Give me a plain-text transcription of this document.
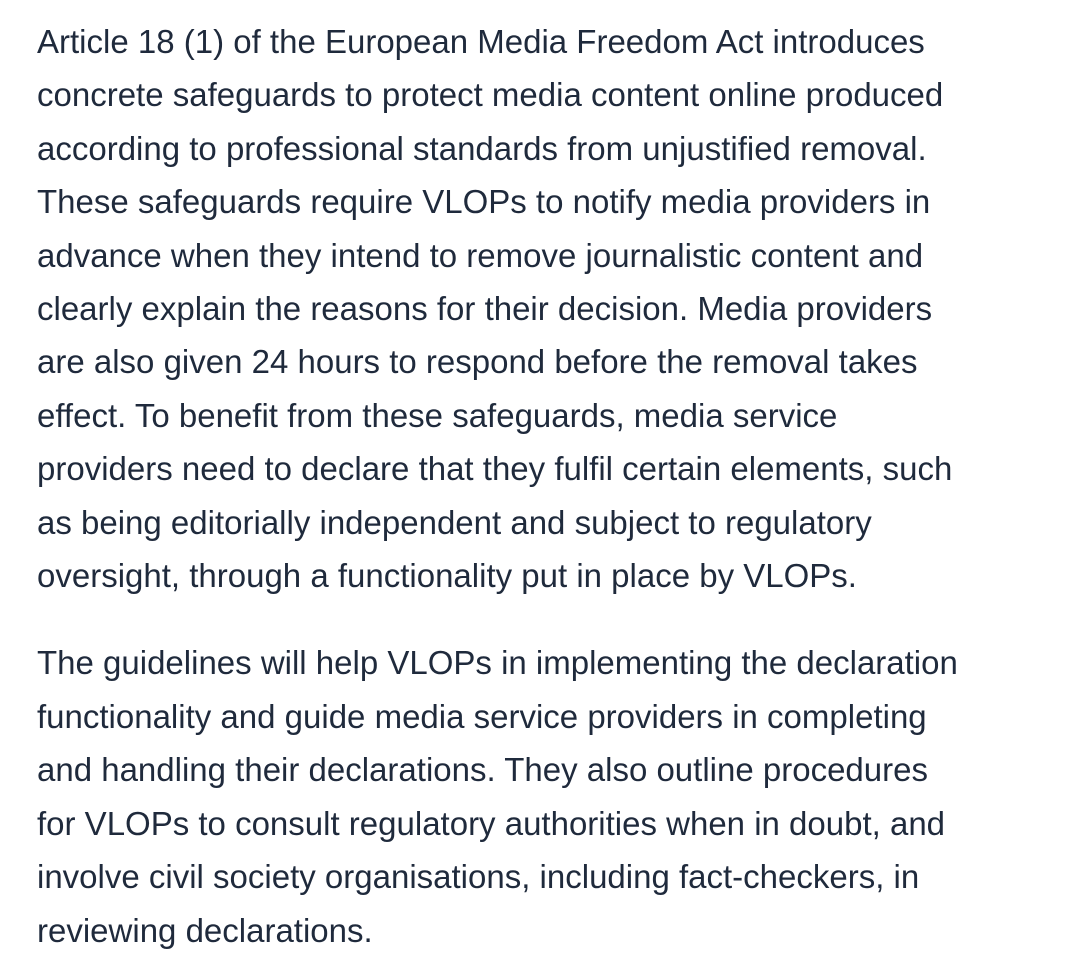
Article 18 (1) of the European Media Freedom Act introduces
concrete safeguards to protect media content online produced
according to professional standards from unjustified removal.
These safeguards require VLOPs to notify media providers in
advance when they intend to remove journalistic content and
clearly explain the reasons for their decision. Media providers
are also given 24 hours to respond before the removal takes
effect. To benefit from these safeguards, media service
providers need to declare that they fulfil certain elements, such
as being editorially independent and subject to regulatory
oversight, through a functionality put in place by VLOPs.

The guidelines will help VLOPs in implementing the declaration
functionality and guide media service providers in completing
and handling their declarations. They also outline procedures
for VLOPs to consult regulatory authorities when in doubt, and
involve civil society organisations, including fact-checkers, in
reviewing declarations.
